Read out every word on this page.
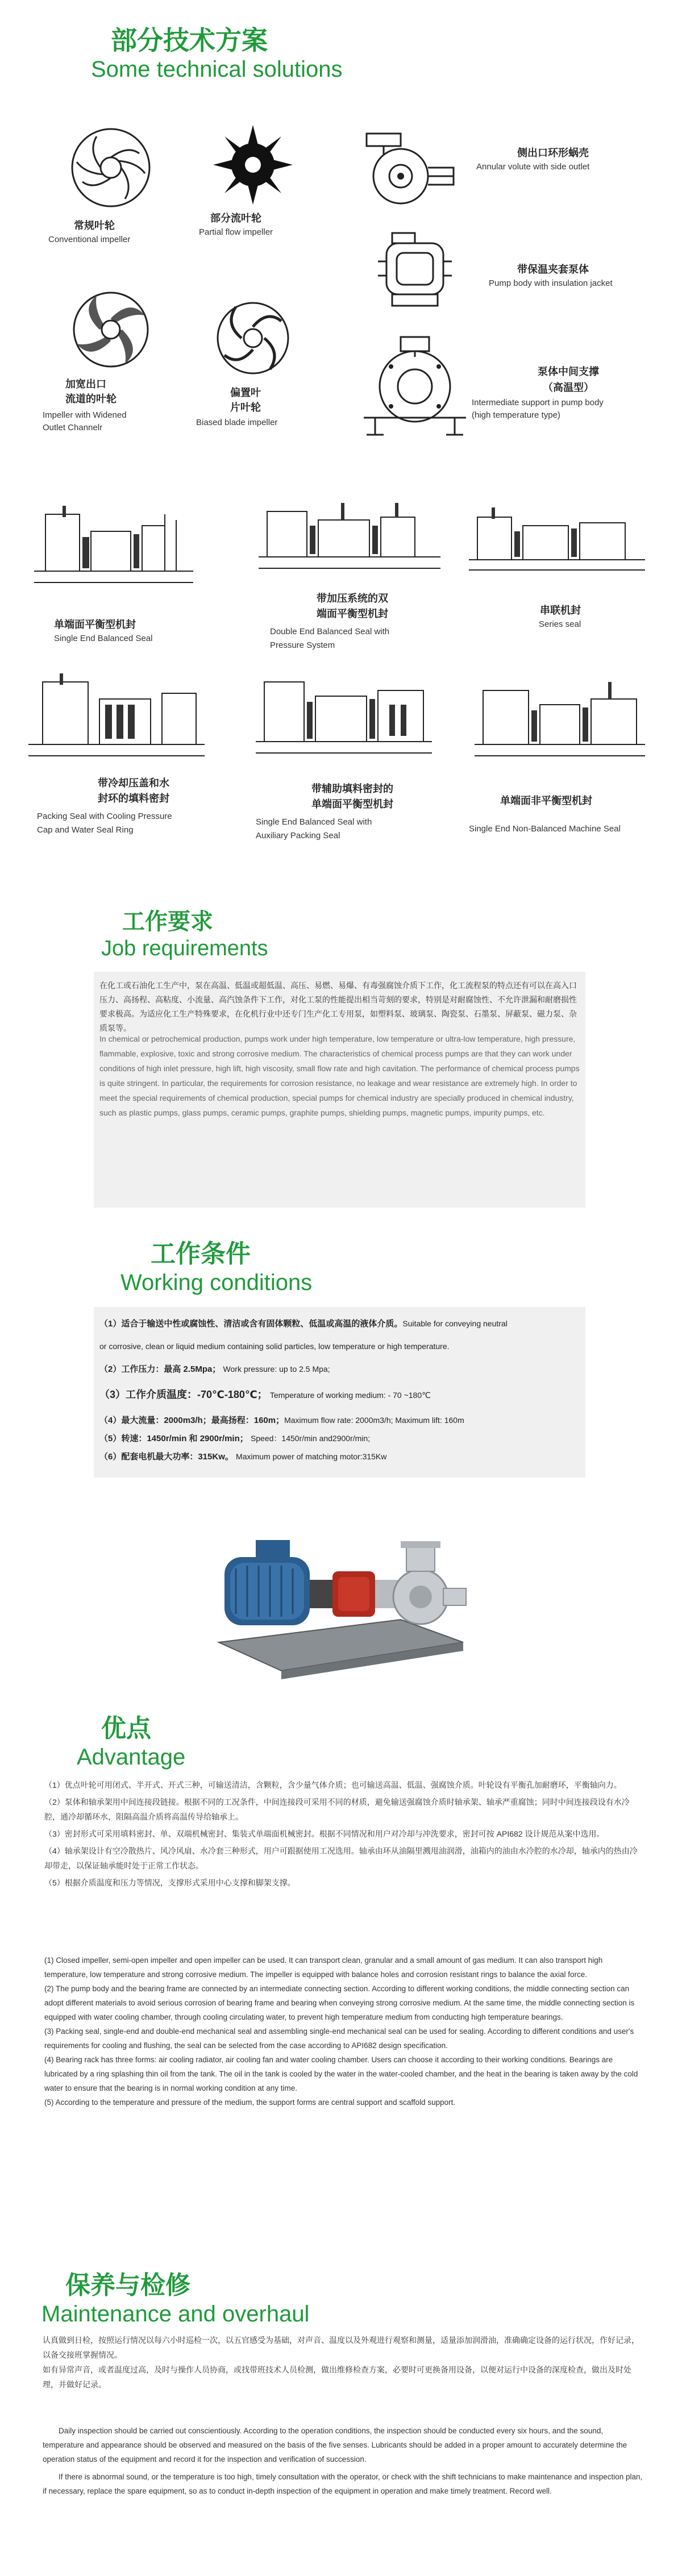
部分技术方案
Some technical solutions
常规叶轮
Conventional impeller
部分流叶轮
Partial flow impeller
侧出口环形蜗壳
Annular volute with side outlet
带保温夹套泵体
Pump body with insulation jacket
加宽出口
流道的叶轮
Impeller with Widened
Outlet Channelr
偏置叶
片叶轮
Biased blade impeller
泵体中间支撑
（高温型）
Intermediate support in pump body
(high temperature type)
单端面平衡型机封
Single End Balanced Seal
带加压系统的双
端面平衡型机封
Double End Balanced Seal with
Pressure System
串联机封
Series seal
带冷却压盖和水
封环的填料密封
Packing Seal with Cooling Pressure
Cap and Water Seal Ring
带辅助填料密封的
单端面平衡型机封
Single End Balanced Seal with
Auxiliary Packing Seal
单端面非平衡型机封
Single End Non-Balanced Machine Seal
工作要求
Job requirements
在化工或石油化工生产中，泵在高温、低温或超低温、高压、易燃、易爆、有毒强腐蚀介质下工作，化工流程泵的特点还有可以在高入口压力、高扬程、高粘度、小流量、高汽蚀条件下工作，对化工泵的性能提出相当苛刻的要求，特别是对耐腐蚀性、不允许泄漏和耐磨损性要求极高。为适应化工生产特殊要求，在化机行业中还专门生产化工专用泵，如塑料泵、玻璃泵、陶瓷泵、石墨泵、屏蔽泵、磁力泵、杂质泵等。
In chemical or petrochemical production, pumps work under high temperature, low temperature or ultra-low temperature, high pressure, flammable, explosive, toxic and strong corrosive medium. The characteristics of chemical process pumps are that they can work under conditions of high inlet pressure, high lift, high viscosity, small flow rate and high cavitation. The performance of chemical process pumps is quite stringent. In particular, the requirements for corrosion resistance, no leakage and wear resistance are extremely high. In order to meet the special requirements of chemical production, special pumps for chemical industry are specially produced in chemical industry, such as plastic pumps, glass pumps, ceramic pumps, graphite pumps, shielding pumps, magnetic pumps, impurity pumps, etc.
工作条件
Working conditions
（1）适合于输送中性或腐蚀性、清洁或含有固体颗粒、低温或高温的液体介质。Suitable for conveying neutral
or corrosive, clean or liquid medium containing solid particles, low temperature or high temperature.
（2）工作压力：最高 2.5Mpa； Work pressure: up to 2.5 Mpa;
（3）工作介质温度：-70℃-180℃； Temperature of working medium: - 70 ~180℃
（4）最大流量：2000m3/h；最高扬程：160m；Maximum flow rate: 2000m3/h; Maximum lift: 160m
（5）转速：1450r/min 和 2900r/min； Speed：1450r/min and2900r/min;
（6）配套电机最大功率：315Kw。 Maximum power of matching motor:315Kw
优点
Advantage
（1）优点叶轮可用闭式、半开式、开式三种，可输送清洁，含颗粒，含少量气体介质；也可输送高温、低温、强腐蚀介质。叶轮设有平衡孔加耐磨环，平衡轴向力。
（2）泵体和轴承架用中间连接段链接。根据不同的工况条件，中间连接段可采用不同的材质，避免输送强腐蚀介质时轴承架、轴承严重腐蚀；同时中间连接段设有水冷腔，通冷却循环水，阻隔高温介质将高温传导给轴承上。
（3）密封形式可采用填料密封、单、双端机械密封、集装式单端面机械密封。根据不同情况和用户对冷却与冲洗要求，密封可按 API682 设计规范从案中选用。
（4）轴承架设计有空冷散热片、风冷风扇、水冷套三种形式，用户可跟据使用工况选用。轴承由环从油隔里溅甩油润滑，油箱内的油由水冷腔的水冷却，轴承内的热由冷却带走，以保证轴承能时处于正常工作状态。
（5）根据介质温度和压力等情况，支撑形式采用中心支撑和脚架支撑。
(1) Closed impeller, semi-open impeller and open impeller can be used. It can transport clean, granular and a small amount of gas medium. It can also transport high temperature, low temperature and strong corrosive medium. The impeller is equipped with balance holes and corrosion resistant rings to balance the axial force.
(2) The pump body and the bearing frame are connected by an intermediate connecting section. According to different working conditions, the middle connecting section can adopt different materials to avoid serious corrosion of bearing frame and bearing when conveying strong corrosive medium. At the same time, the middle connecting section is equipped with water cooling chamber, through cooling circulating water, to prevent high temperature medium from conducting high temperature bearings.
(3) Packing seal, single-end and double-end mechanical seal and assembling single-end mechanical seal can be used for sealing. According to different conditions and user's requirements for cooling and flushing, the seal can be selected from the case according to API682 design specification.
(4) Bearing rack has three forms: air cooling radiator, air cooling fan and water cooling chamber. Users can choose it according to their working conditions. Bearings are lubricated by a ring splashing thin oil from the tank. The oil in the tank is cooled by the water in the water-cooled chamber, and the heat in the bearing is taken away by the cold water to ensure that the bearing is in normal working condition at any time.
(5) According to the temperature and pressure of the medium, the support forms are central support and scaffold support.
保养与检修
Maintenance and overhaul
认真做到日检，按照运行情况以每六小时巡检一次，以五官感受为基础，对声音、温度以及外观进行观察和测量，适量添加润滑油，准确确定设备的运行状况，作好记录，以备交接班掌握情况。
如有异常声音，或者温度过高，及时与操作人员协商，或找带班技术人员检测，做出维修检查方案，必要时可更换备用设备，以便对运行中设备的深度检查，做出及时处理，并做好记录。
Daily inspection should be carried out conscientiously. According to the operation conditions, the inspection should be conducted every six hours, and the sound, temperature and appearance should be observed and measured on the basis of the five senses. Lubricants should be added in a proper amount to accurately determine the operation status of the equipment and record it for the inspection and verification of succession.
If there is abnormal sound, or the temperature is too high, timely consultation with the operator, or check with the shift technicians to make maintenance and inspection plan, if necessary, replace the spare equipment, so as to conduct in-depth inspection of the equipment in operation and make timely treatment. Record well.
